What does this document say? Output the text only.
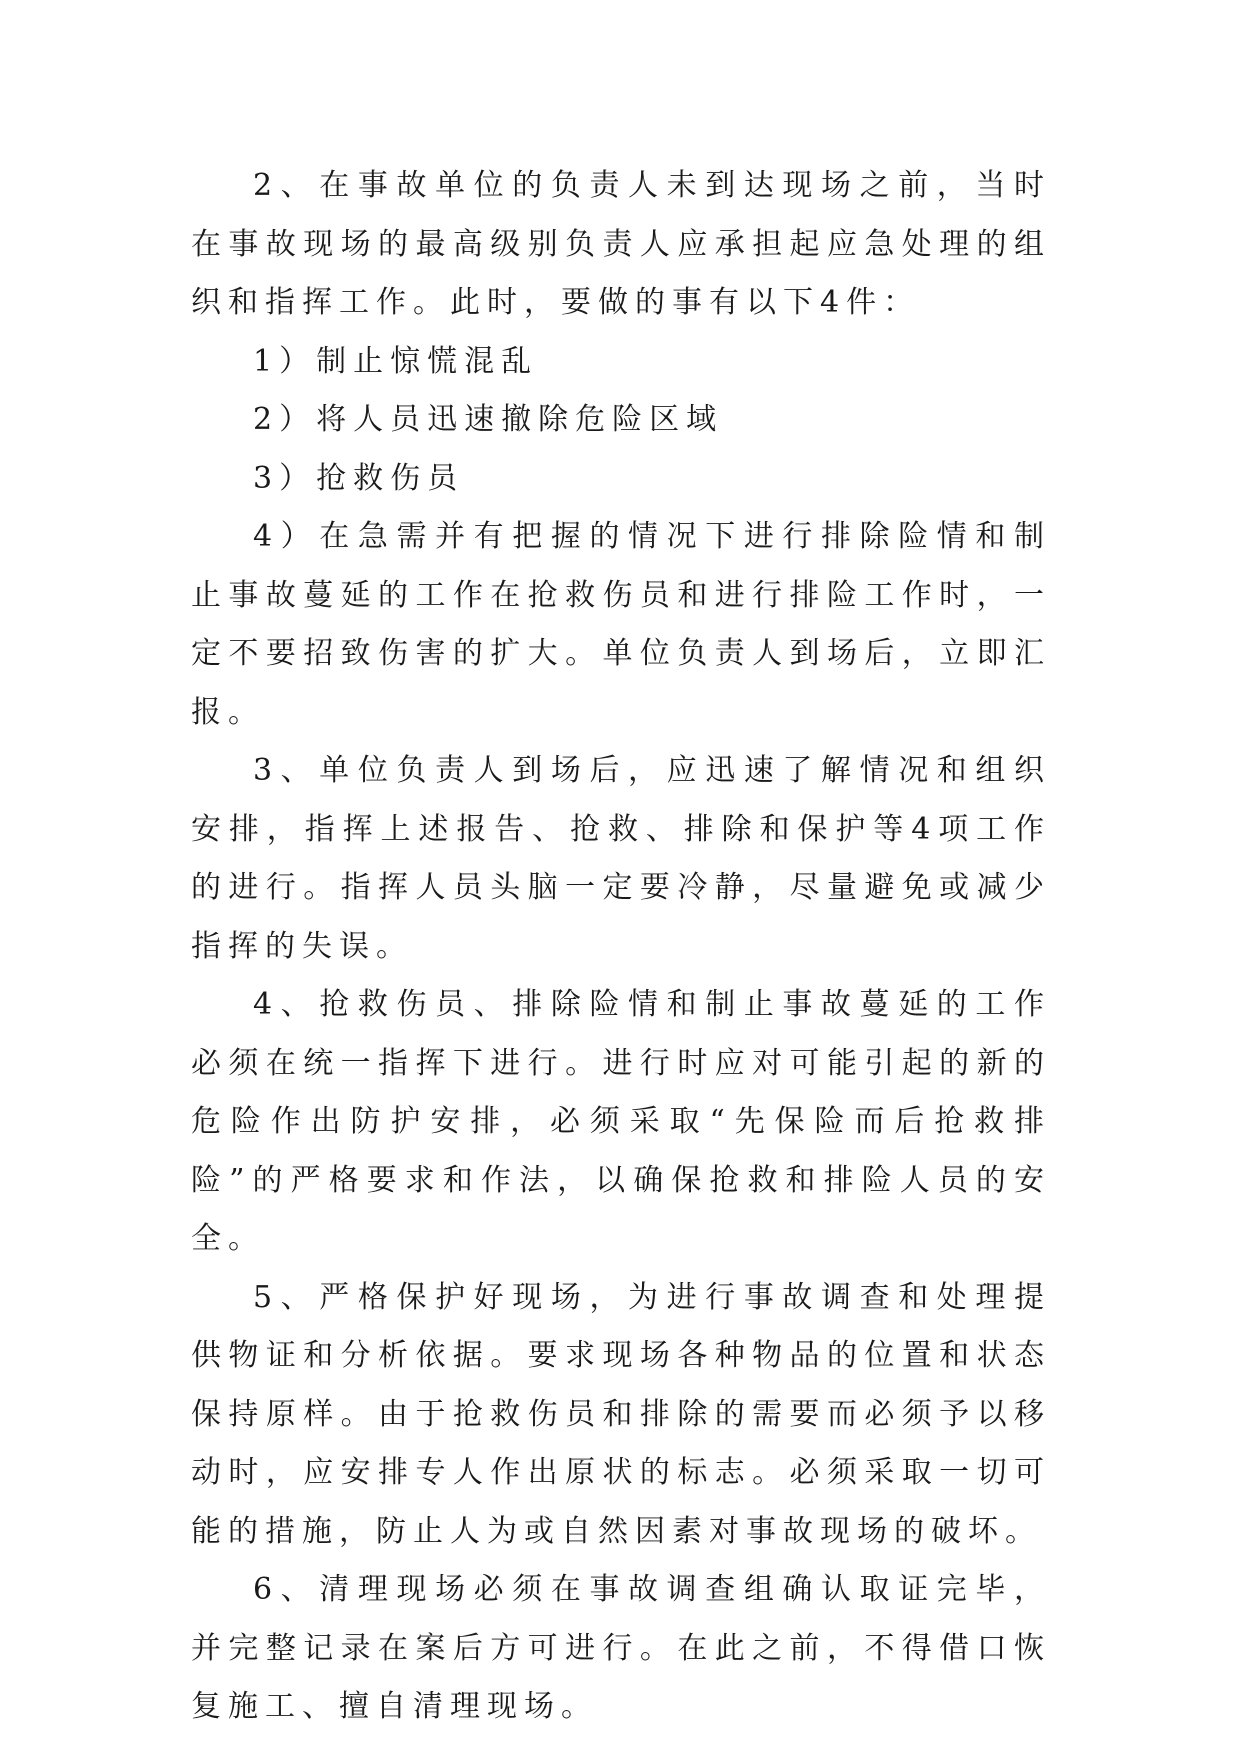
2、在事故单位的负责人未到达现场之前，当时在事故现场的最高级别负责人应承担起应急处理的组织和指挥工作。此时，要做的事有以下4件：

1）制止惊慌混乱

2）将人员迅速撤除危险区域

3）抢救伤员

4）在急需并有把握的情况下进行排除险情和制止事故蔓延的工作在抢救伤员和进行排险工作时，一定不要招致伤害的扩大。单位负责人到场后，立即汇报。

3、单位负责人到场后，应迅速了解情况和组织安排，指挥上述报告、抢救、排除和保护等4项工作的进行。指挥人员头脑一定要冷静，尽量避免或减少指挥的失误。

4、抢救伤员、排除险情和制止事故蔓延的工作必须在统一指挥下进行。进行时应对可能引起的新的危险作出防护安排，必须采取“先保险而后抢救排险”的严格要求和作法，以确保抢救和排险人员的安全。

5、严格保护好现场，为进行事故调查和处理提供物证和分析依据。要求现场各种物品的位置和状态保持原样。由于抢救伤员和排除的需要而必须予以移动时，应安排专人作出原状的标志。必须采取一切可能的措施，防止人为或自然因素对事故现场的破坏。

6、清理现场必须在事故调查组确认取证完毕，并完整记录在案后方可进行。在此之前，不得借口恢复施工、擅自清理现场。
